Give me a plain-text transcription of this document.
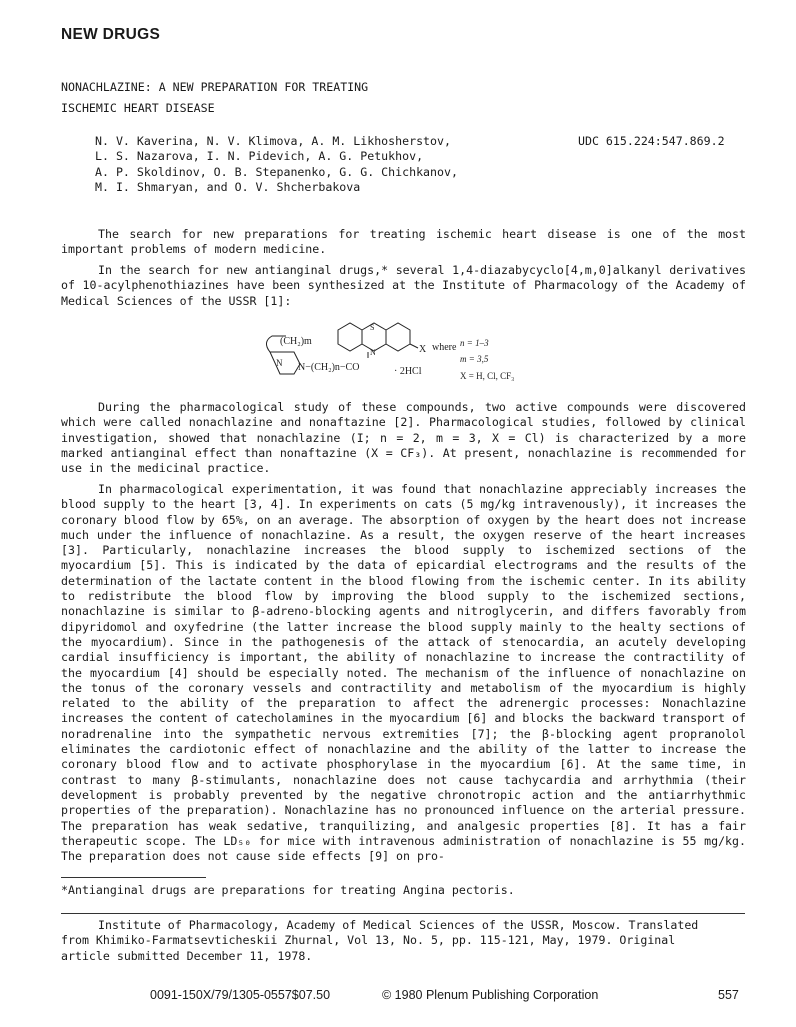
NEW DRUGS
NONACHLAZINE: A NEW PREPARATION FOR TREATING
ISCHEMIC HEART DISEASE
N. V. Kaverina, N. V. Klimova, A. M. Likhosherstov,
L. S. Nazarova, I. N. Pidevich, A. G. Petukhov,
A. P. Skoldinov, O. B. Stepanenko, G. G. Chichkanov,
M. I. Shmaryan, and O. V. Shcherbakova
UDC 615.224:547.869.2
The search for new preparations for treating ischemic heart disease is one of the most important problems of modern medicine.
In the search for new antianginal drugs,* several 1,4-diazabycyclo[4,m,0]alkanyl derivatives of 10-acylphenothiazines have been synthesized at the Institute of Pharmacology of the Academy of Medical Sciences of the USSR [1]:
(CH₂)m
N N−(CH₂)n−CO
S
N	X
· 2HCl
where n = 1–3
m = 3,5
X = H, Cl, CF₃
During the pharmacological study of these compounds, two active compounds were discovered which were called nonachlazine and nonaftazine [2]. Pharmacological studies, followed by clinical investigation, showed that nonachlazine (I; n = 2, m = 3, X = Cl) is characterized by a more marked antianginal effect than nonaftazine (X = CF₃). At present, nonachlazine is recommended for use in the medicinal practice.
In pharmacological experimentation, it was found that nonachlazine appreciably increases the blood supply to the heart [3, 4]. In experiments on cats (5 mg/kg intravenously), it increases the coronary blood flow by 65%, on an average. The absorption of oxygen by the heart does not increase much under the influence of nonachlazine. As a result, the oxygen reserve of the heart increases [3]. Particularly, nonachlazine increases the blood supply to ischemized sections of the myocardium [5]. This is indicated by the data of epicardial electrograms and the results of the determination of the lactate content in the blood flowing from the ischemic center. In its ability to redistribute the blood flow by improving the blood supply to the ischemized sections, nonachlazine is similar to β-adreno-blocking agents and nitroglycerin, and differs favorably from dipyridomol and oxyfedrine (the latter increase the blood supply mainly to the healty sections of the myocardium). Since in the pathogenesis of the attack of stenocardia, an acutely developing cardial insufficiency is important, the ability of nonachlazine to increase the contractility of the myocardium [4] should be especially noted. The mechanism of the influence of nonachlazine on the tonus of the coronary vessels and contractility and metabolism of the myocardium is highly related to the ability of the preparation to affect the adrenergic processes: Nonachlazine increases the content of catecholamines in the myocardium [6] and blocks the backward transport of noradrenaline into the sympathetic nervous extremities [7]; the β-blocking agent propranolol eliminates the cardiotonic effect of nonachlazine and the ability of the latter to increase the coronary blood flow and to activate phosphorylase in the myocardium [6]. At the same time, in contrast to many β-stimulants, nonachlazine does not cause tachycardia and arrhythmia (their development is probably prevented by the negative chronotropic action and the antiarrhythmic properties of the preparation). Nonachlazine has no pronounced influence on the arterial pressure. The preparation has weak sedative, tranquilizing, and analgesic properties [8]. It has a fair therapeutic scope. The LD₅₀ for mice with intravenous administration of nonachlazine is 55 mg/kg. The preparation does not cause side effects [9] on pro-
*Antianginal drugs are preparations for treating Angina pectoris.
Institute of Pharmacology, Academy of Medical Sciences of the USSR, Moscow. Translated
from Khimiko-Farmatsevticheskii Zhurnal, Vol 13, No. 5, pp. 115-121, May, 1979. Original
article submitted December 11, 1978.
0091-150X/79/1305-0557$07.50	© 1980 Plenum Publishing Corporation	557
